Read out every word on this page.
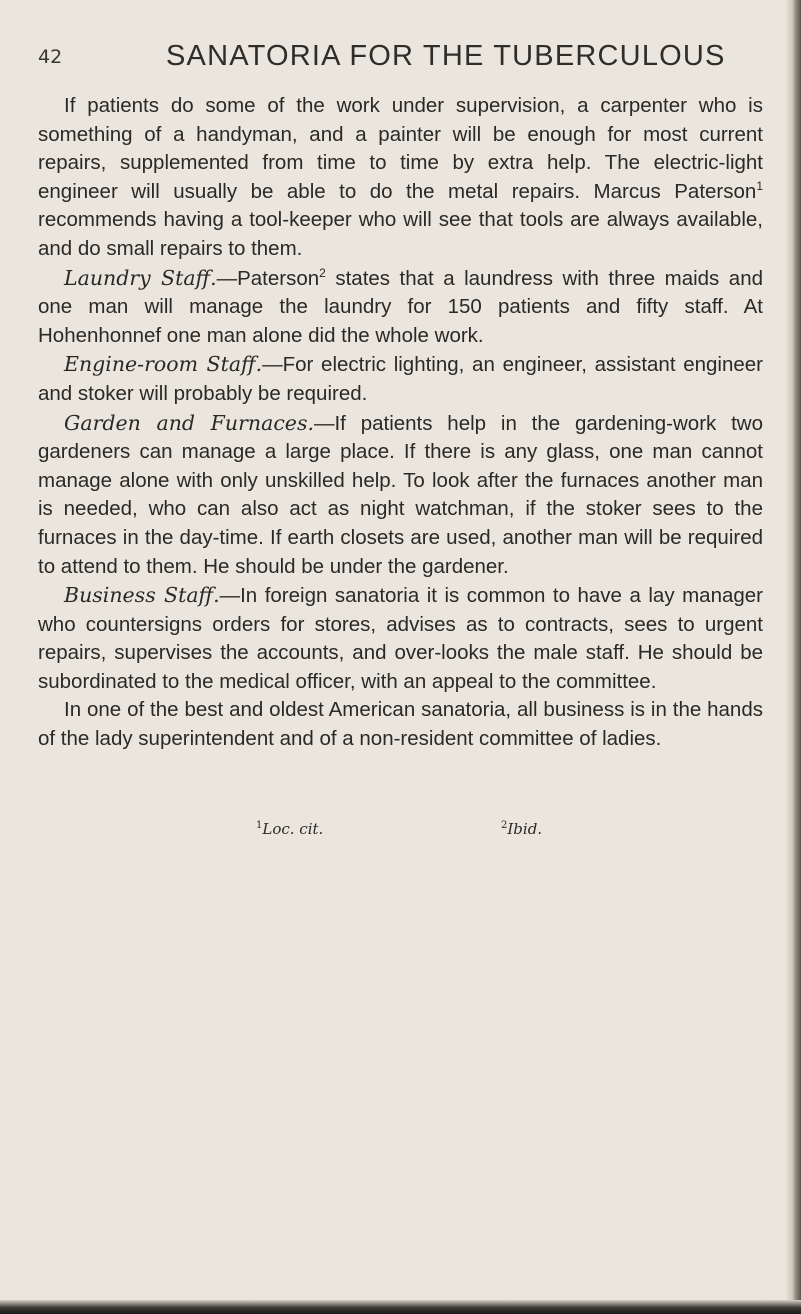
42	SANATORIA FOR THE TUBERCULOUS

If patients do some of the work under supervision, a carpenter who is something of a handyman, and a painter will be enough for most current repairs, supplemented from time to time by extra help. The electric-light engineer will usually be able to do the metal repairs. Marcus Paterson$^1$ recommends having a tool-keeper who will see that tools are always available, and do small repairs to them.

Laundry Staff.—Paterson$^2$ states that a laundress with three maids and one man will manage the laundry for 150 patients and fifty staff. At Hohenhonnef one man alone did the whole work.

Engine-room Staff.—For electric lighting, an engineer, assistant engineer and stoker will probably be required.

Garden and Furnaces.—If patients help in the gardening-work two gardeners can manage a large place. If there is any glass, one man cannot manage alone with only unskilled help. To look after the furnaces another man is needed, who can also act as night watchman, if the stoker sees to the furnaces in the day-time. If earth closets are used, another man will be required to attend to them. He should be under the gardener.

Business Staff.—In foreign sanatoria it is common to have a lay manager who countersigns orders for stores, advises as to contracts, sees to urgent repairs, supervises the accounts, and over-looks the male staff. He should be subordinated to the medical officer, with an appeal to the committee.

In one of the best and oldest American sanatoria, all business is in the hands of the lady superintendent and of a non-resident committee of ladies.

$^1$Loc. cit.	$^2$Ibid.
